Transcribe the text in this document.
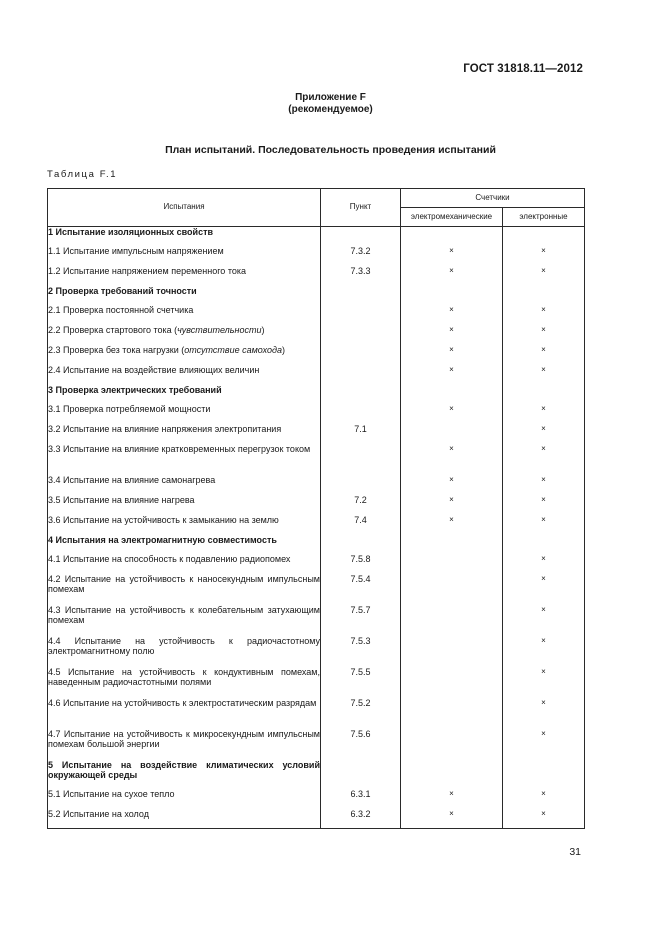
ГОСТ 31818.11—2012
Приложение F
(рекомендуемое)
План испытаний. Последовательность проведения испытаний
Таблица F.1
Испытания	Пункт	Счетчики	
		электромеханические	электронные
1 Испытание изоляционных свойств			
1.1 Испытание импульсным напряжением	7.3.2	×	×
1.2 Испытание напряжением переменного тока	7.3.3	×	×
2 Проверка требований точности			
2.1 Проверка постоянной счетчика		×	×
2.2 Проверка стартового тока (чувствительности)		×	×
2.3 Проверка без тока нагрузки (отсутствие самохода)		×	×
2.4 Испытание на воздействие влияющих величин		×	×
3 Проверка электрических требований			
3.1 Проверка потребляемой мощности		×	×
3.2 Испытание на влияние напряжения электропитания	7.1		×
3.3 Испытание на влияние кратковременных перегрузок током		×	×
3.4 Испытание на влияние самонагрева		×	×
3.5 Испытание на влияние нагрева	7.2	×	×
3.6 Испытание на устойчивость к замыканию на землю	7.4	×	×
4 Испытания на электромагнитную совместимость			
4.1 Испытание на способность к подавлению радиопомех	7.5.8		×
4.2 Испытание на устойчивость к наносекундным импульсным помехам	7.5.4		×
4.3 Испытание на устойчивость к колебательным затухающим помехам	7.5.7		×
4.4 Испытание на устойчивость к радиочастотному электромагнитному полю	7.5.3		×
4.5 Испытание на устойчивость к кондуктивным помехам, наведенным радиочастотными полями	7.5.5		×
4.6 Испытание на устойчивость к электростатическим разрядам	7.5.2		×
4.7 Испытание на устойчивость к микросекундным импульсным помехам большой энергии	7.5.6		×
5 Испытание на воздействие климатических условий окружающей среды			
5.1 Испытание на сухое тепло	6.3.1	×	×
5.2 Испытание на холод	6.3.2	×	×
31
